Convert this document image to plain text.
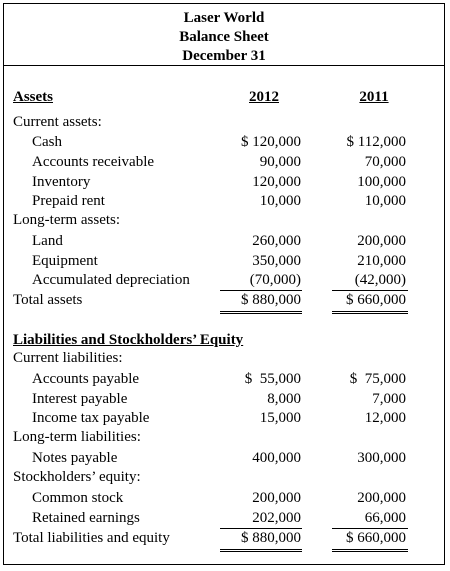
Laser World
Balance Sheet
December 31
Assets	2012	2011
Current assets:
Cash	$ 120,000	$ 112,000
Accounts receivable	90,000	70,000
Inventory	120,000	100,000
Prepaid rent	10,000	10,000
Long-term assets:
Land	260,000	200,000
Equipment	350,000	210,000
Accumulated depreciation	(70,000)	(42,000)
Total assets	$ 880,000	$ 660,000
Liabilities and Stockholders’ Equity
Current liabilities:
Accounts payable	$  55,000	$  75,000
Interest payable	8,000	7,000
Income tax payable	15,000	12,000
Long-term liabilities:
Notes payable	400,000	300,000
Stockholders’ equity:
Common stock	200,000	200,000
Retained earnings	202,000	66,000
Total liabilities and equity	$ 880,000	$ 660,000
